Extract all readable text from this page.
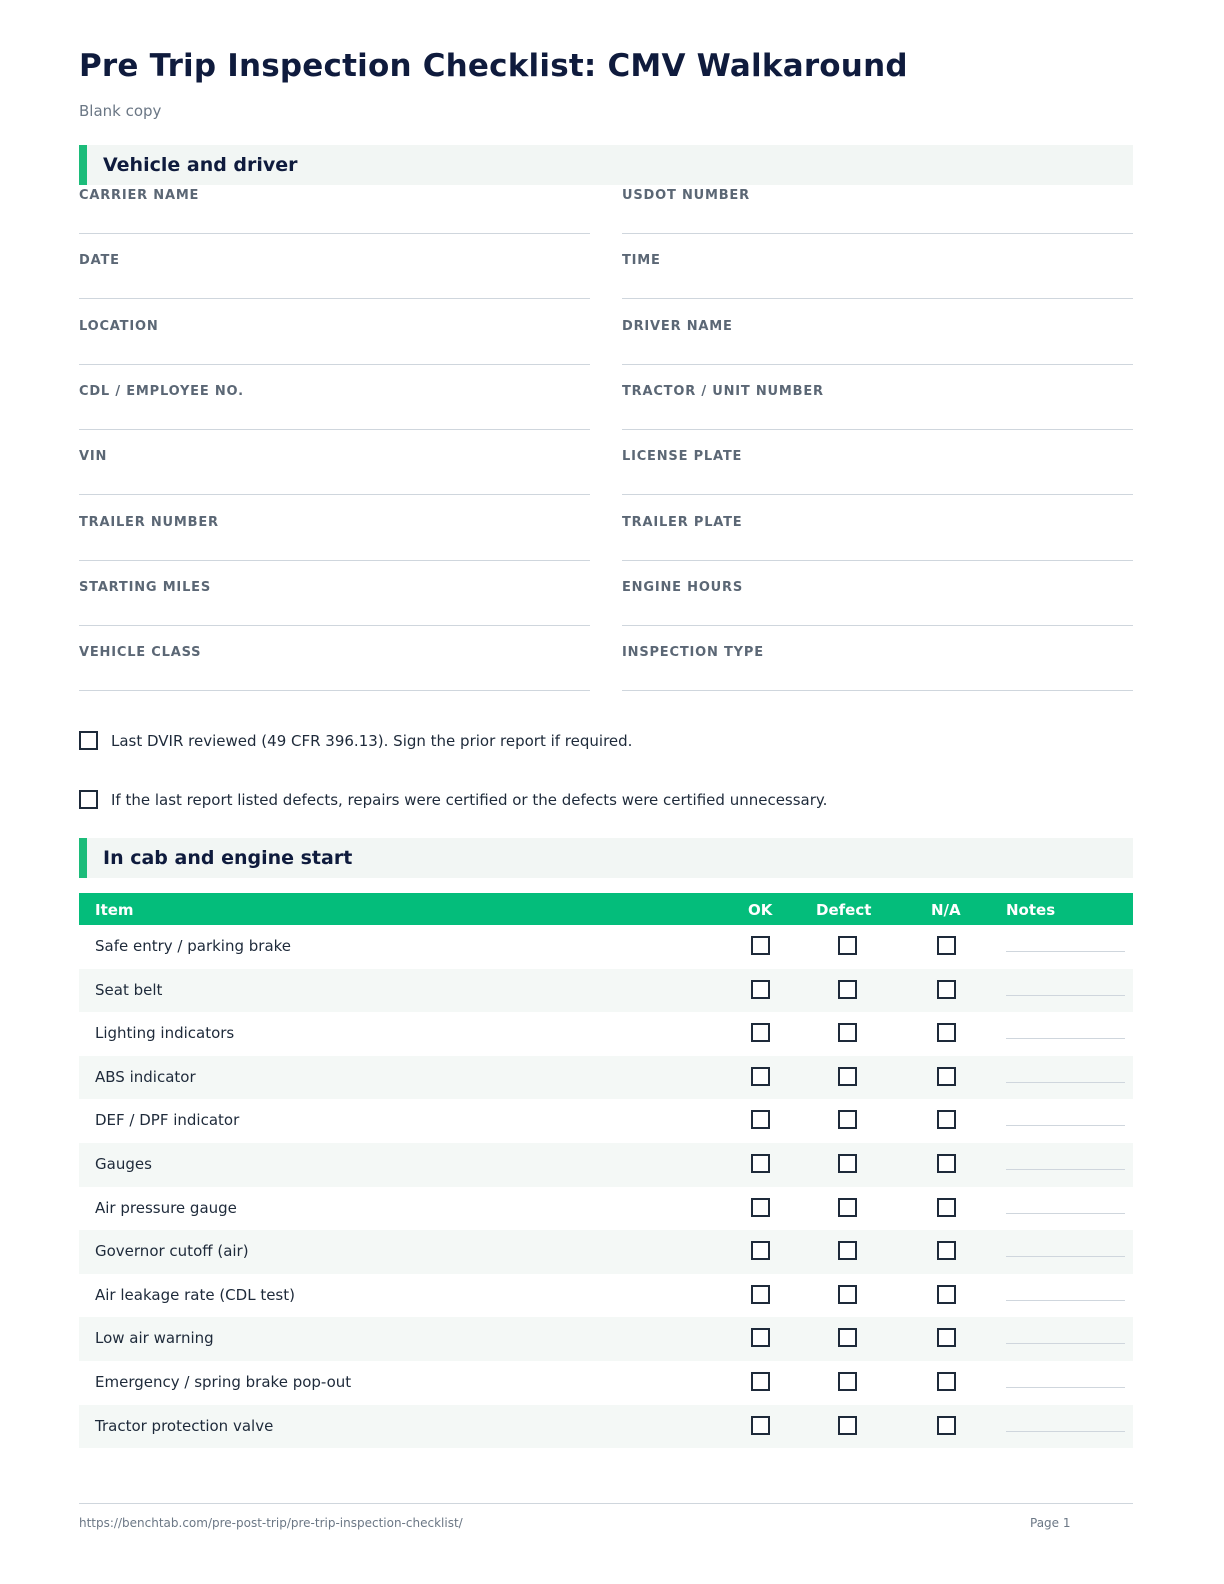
Pre Trip Inspection Checklist: CMV Walkaround
Blank copy
Vehicle and driver
CARRIER NAME	USDOT NUMBER
DATE	TIME
LOCATION	DRIVER NAME
CDL / EMPLOYEE NO.	TRACTOR / UNIT NUMBER
VIN	LICENSE PLATE
TRAILER NUMBER	TRAILER PLATE
STARTING MILES	ENGINE HOURS
VEHICLE CLASS	INSPECTION TYPE
Last DVIR reviewed (49 CFR 396.13). Sign the prior report if required.
If the last report listed defects, repairs were certified or the defects were certified unnecessary.
In cab and engine start
Item	OK	Defect	N/A	Notes
Safe entry / parking brake
Seat belt
Lighting indicators
ABS indicator
DEF / DPF indicator
Gauges
Air pressure gauge
Governor cutoff (air)
Air leakage rate (CDL test)
Low air warning
Emergency / spring brake pop-out
Tractor protection valve
https://benchtab.com/pre-post-trip/pre-trip-inspection-checklist/	Page 1
